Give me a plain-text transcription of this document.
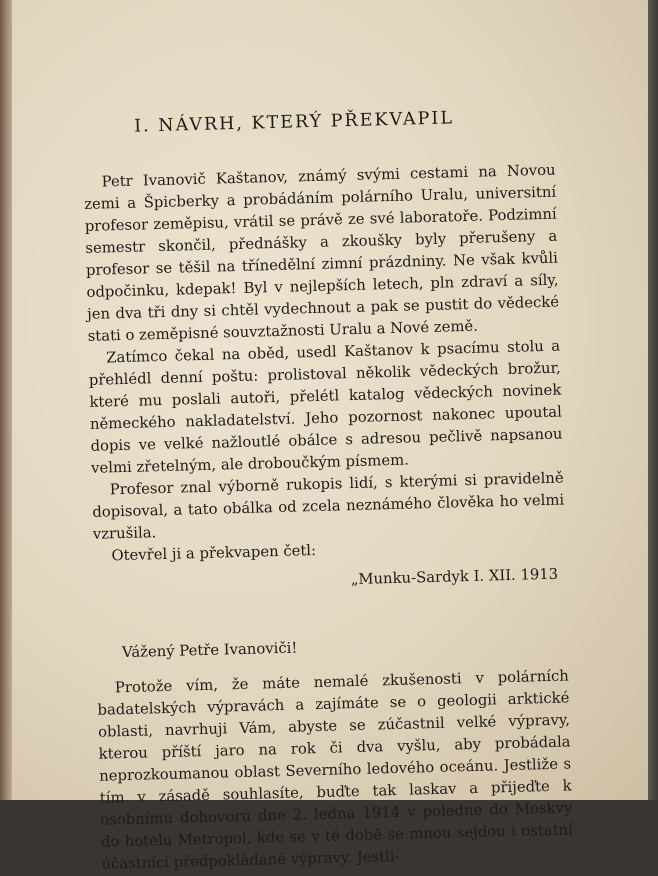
I. NÁVRH, KTERÝ PŘEKVAPIL

Petr Ivanovič Kaštanov, známý svými cestami na Novou zemi a Špicberky a probádáním polárního Uralu, universitní profesor zeměpisu, vrátil se právě ze své laboratoře. Podzimní semestr skončil, přednášky a zkoušky byly přerušeny a profesor se těšil na třínedělní zimní prázdniny. Ne však kvůli odpočinku, kdepak! Byl v nejlepších letech, pln zdraví a síly, jen dva tři dny si chtěl vydechnout a pak se pustit do vědecké stati o zeměpisné souvztažnosti Uralu a Nové země.

Zatímco čekal na oběd, usedl Kaštanov k psacímu stolu a přehlédl denní poštu: prolistoval několik vědeckých brožur, které mu poslali autoři, přelétl katalog vědeckých novinek německého nakladatelství. Jeho pozornost nakonec upoutal dopis ve velké nažloutlé obálce s adresou pečlivě napsanou velmi zřetelným, ale droboučkým písmem.

Profesor znal výborně rukopis lidí, s kterými si pravidelně dopisoval, a tato obálka od zcela neznámého člověka ho velmi vzrušila.

Otevřel ji a překvapen četl:

„Munku-Sardyk I. XII. 1913
Vážený Petře Ivanoviči!

Protože vím, že máte nemalé zkušenosti v polárních badatelských výpravách a zajímáte se o geologii arktické oblasti, navrhuji Vám, abyste se zúčastnil velké výpravy, kterou příští jaro na rok či dva vyšlu, aby probádala neprozkoumanou oblast Severního ledového oceánu. Jestliže s tím v zásadě souhlasíte, buďte tak laskav a přijeďte k osobnímu dohovoru dne 2. ledna 1914 v poledne do Moskvy do hotelu Metropol, kde se v té době se mnou sejdou i ostatní účastníci předpokládané výpravy. Jestli-
